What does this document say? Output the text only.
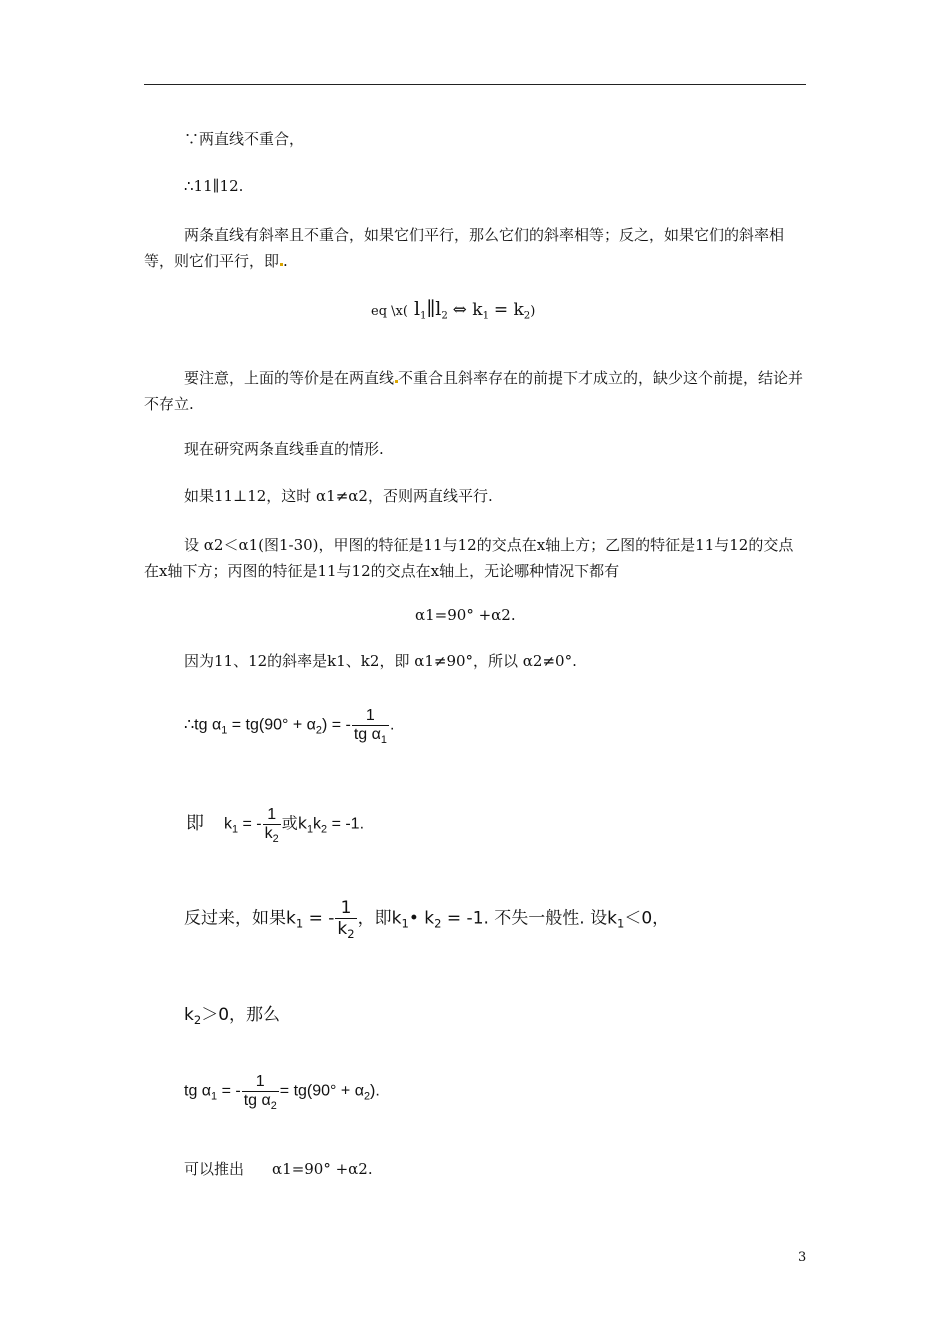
∵两直线不重合，
∴11∥12.
两条直线有斜率且不重合，如果它们平行，那么它们的斜率相等；反之，如果它们的斜率相等，则它们平行，即 .
eq \x( $l_1\parallel l_2$ ⇔ $k_1 = k_2$)
要注意，上面的等价是在两直线 不重合且斜率存在的前提下才成立的，缺少这个前提，结论并不存立.
现在研究两条直线垂直的情形.
如果11⊥12，这时 α1≠α2，否则两直线平行.
设 α2＜α1(图1-30)，甲图的特征是11与12的交点在x轴上方；乙图的特征是11与12的交点在x轴下方；丙图的特征是11与12的交点在x轴上，无论哪种情况下都有
α1=90° +α2.
因为11、12的斜率是k1、k2，即 α1≠90°，所以 α2≠0°.
∴tg $\alpha_1 = tg(90^\circ + \alpha_2)$ = - $\frac{1}{tg \alpha_1}$ .
即 $k_1$ = - $\frac{1}{k_2}$ 或$k_1k_2 = -1$.
反过来，如果$k_1$ = - $\frac{1}{k_2}$ ，即$k_1•$ $k_2 = -1$. 不失一般性. 设$k_1<0$，
$k_2>0$，那么
tg $\alpha_1$ = - $\frac{1}{tg \alpha_2} = tg(90^\circ + \alpha_2)$.
可以推出 α1=90° +α2.
3
